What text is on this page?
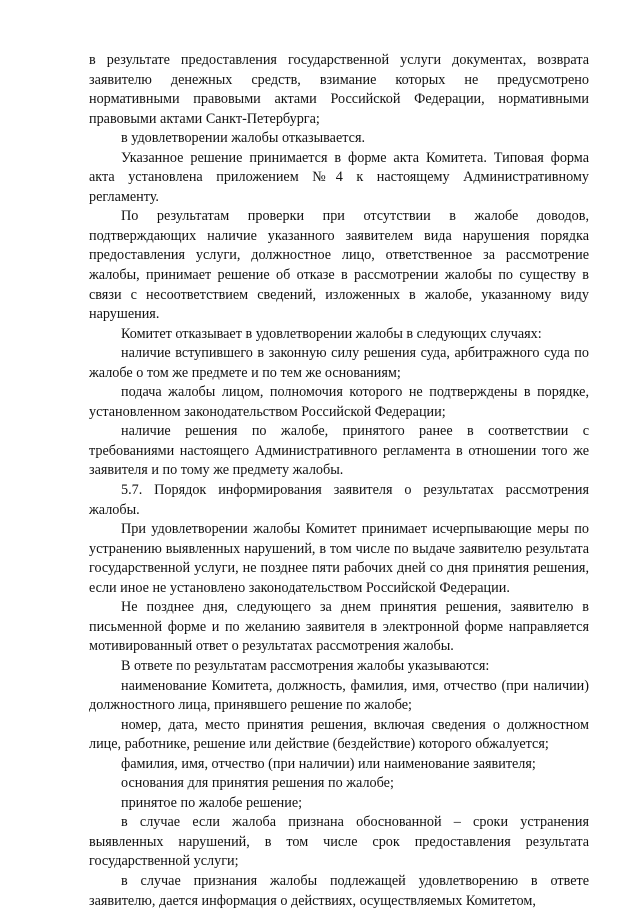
в результате предоставления государственной услуги документах, возврата заявителю денежных средств, взимание которых не предусмотрено нормативными правовыми актами Российской Федерации, нормативными правовыми актами Санкт-Петербурга;

в удовлетворении жалобы отказывается.

Указанное решение принимается в форме акта Комитета. Типовая форма акта установлена приложением №4 к настоящему Административному регламенту.

По результатам проверки при отсутствии в жалобе доводов, подтверждающих наличие указанного заявителем вида нарушения порядка предоставления услуги, должностное лицо, ответственное за рассмотрение жалобы, принимает решение об отказе в рассмотрении жалобы по существу в связи с несоответствием сведений, изложенных в жалобе, указанному виду нарушения.

Комитет отказывает в удовлетворении жалобы в следующих случаях:

наличие вступившего в законную силу решения суда, арбитражного суда по жалобе о том же предмете и по тем же основаниям;

подача жалобы лицом, полномочия которого не подтверждены в порядке, установленном законодательством Российской Федерации;

наличие решения по жалобе, принятого ранее в соответствии с требованиями настоящего Административного регламента в отношении того же заявителя и по тому же предмету жалобы.

5.7. Порядок информирования заявителя о результатах рассмотрения жалобы.

При удовлетворении жалобы Комитет принимает исчерпывающие меры по устранению выявленных нарушений, в том числе по выдаче заявителю результата государственной услуги, не позднее пяти рабочих дней со дня принятия решения, если иное не установлено законодательством Российской Федерации.

Не позднее дня, следующего за днем принятия решения, заявителю в письменной форме и по желанию заявителя в электронной форме направляется мотивированный ответ о результатах рассмотрения жалобы.

В ответе по результатам рассмотрения жалобы указываются:

наименование Комитета, должность, фамилия, имя, отчество (при наличии) должностного лица, принявшего решение по жалобе;

номер, дата, место принятия решения, включая сведения о должностном лице, работнике, решение или действие (бездействие) которого обжалуется;

фамилия, имя, отчество (при наличии) или наименование заявителя;

основания для принятия решения по жалобе;

принятое по жалобе решение;

в случае если жалоба признана обоснованной – сроки устранения выявленных нарушений, в том числе срок предоставления результата государственной услуги;

в случае признания жалобы подлежащей удовлетворению в ответе заявителю, дается информация о действиях, осуществляемых Комитетом,
